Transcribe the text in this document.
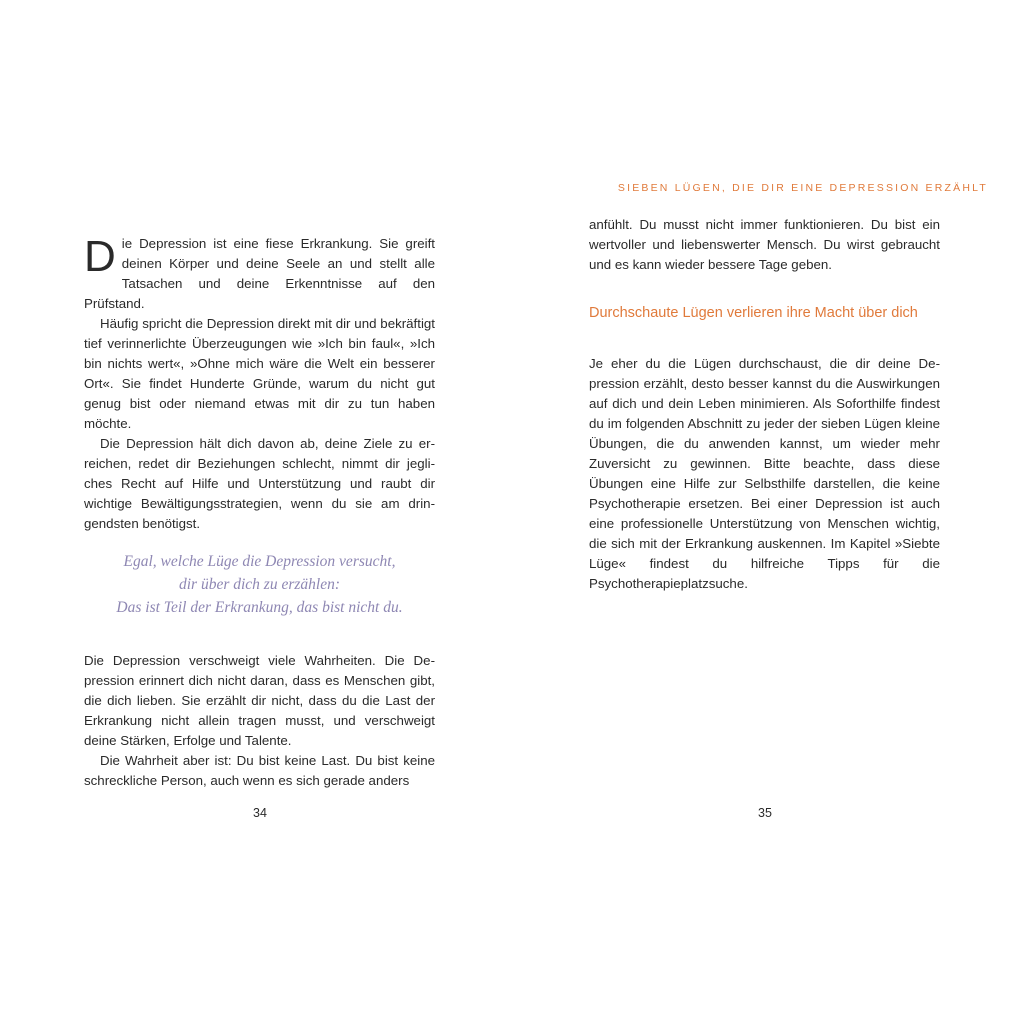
Die Depression ist eine fiese Erkrankung. Sie greift deinen Körper und deine Seele an und stellt alle Tatsachen und deine Erkenntnisse auf den Prüfstand.

Häufig spricht die Depression direkt mit dir und bekräftigt tief verinnerlichte Überzeugungen wie »Ich bin faul«, »Ich bin nichts wert«, »Ohne mich wäre die Welt ein besserer Ort«. Sie findet Hunderte Gründe, warum du nicht gut genug bist oder niemand etwas mit dir zu tun haben möchte.

Die Depression hält dich davon ab, deine Ziele zu erreichen, redet dir Beziehungen schlecht, nimmt dir jegliches Recht auf Hilfe und Unterstützung und raubt dir wichtige Bewältigungsstrategien, wenn du sie am dringendsten benötigst.

Egal, welche Lüge die Depression versucht,
dir über dich zu erzählen:
Das ist Teil der Erkrankung, das bist nicht du.

Die Depression verschweigt viele Wahrheiten. Die Depression erinnert dich nicht daran, dass es Menschen gibt, die dich lieben. Sie erzählt dir nicht, dass du die Last der Erkrankung nicht allein tragen musst, und verschweigt deine Stärken, Erfolge und Talente.

Die Wahrheit aber ist: Du bist keine Last. Du bist keine schreckliche Person, auch wenn es sich gerade anders

34
SIEBEN LÜGEN, DIE DIR EINE DEPRESSION ERZÄHLT

anfühlt. Du musst nicht immer funktionieren. Du bist ein wertvoller und liebenswerter Mensch. Du wirst gebraucht und es kann wieder bessere Tage geben.

Durchschaute Lügen verlieren ihre Macht über dich

Je eher du die Lügen durchschaust, die dir deine Depression erzählt, desto besser kannst du die Auswirkungen auf dich und dein Leben minimieren. Als Soforthilfe findest du im folgenden Abschnitt zu jeder der sieben Lügen kleine Übungen, die du anwenden kannst, um wieder mehr Zuversicht zu gewinnen. Bitte beachte, dass diese Übungen eine Hilfe zur Selbsthilfe darstellen, die keine Psychotherapie ersetzen. Bei einer Depression ist auch eine professionelle Unterstützung von Menschen wichtig, die sich mit der Erkrankung auskennen. Im Kapitel »Siebte Lüge« findest du hilfreiche Tipps für die Psychotherapieplatzsuche.

35
